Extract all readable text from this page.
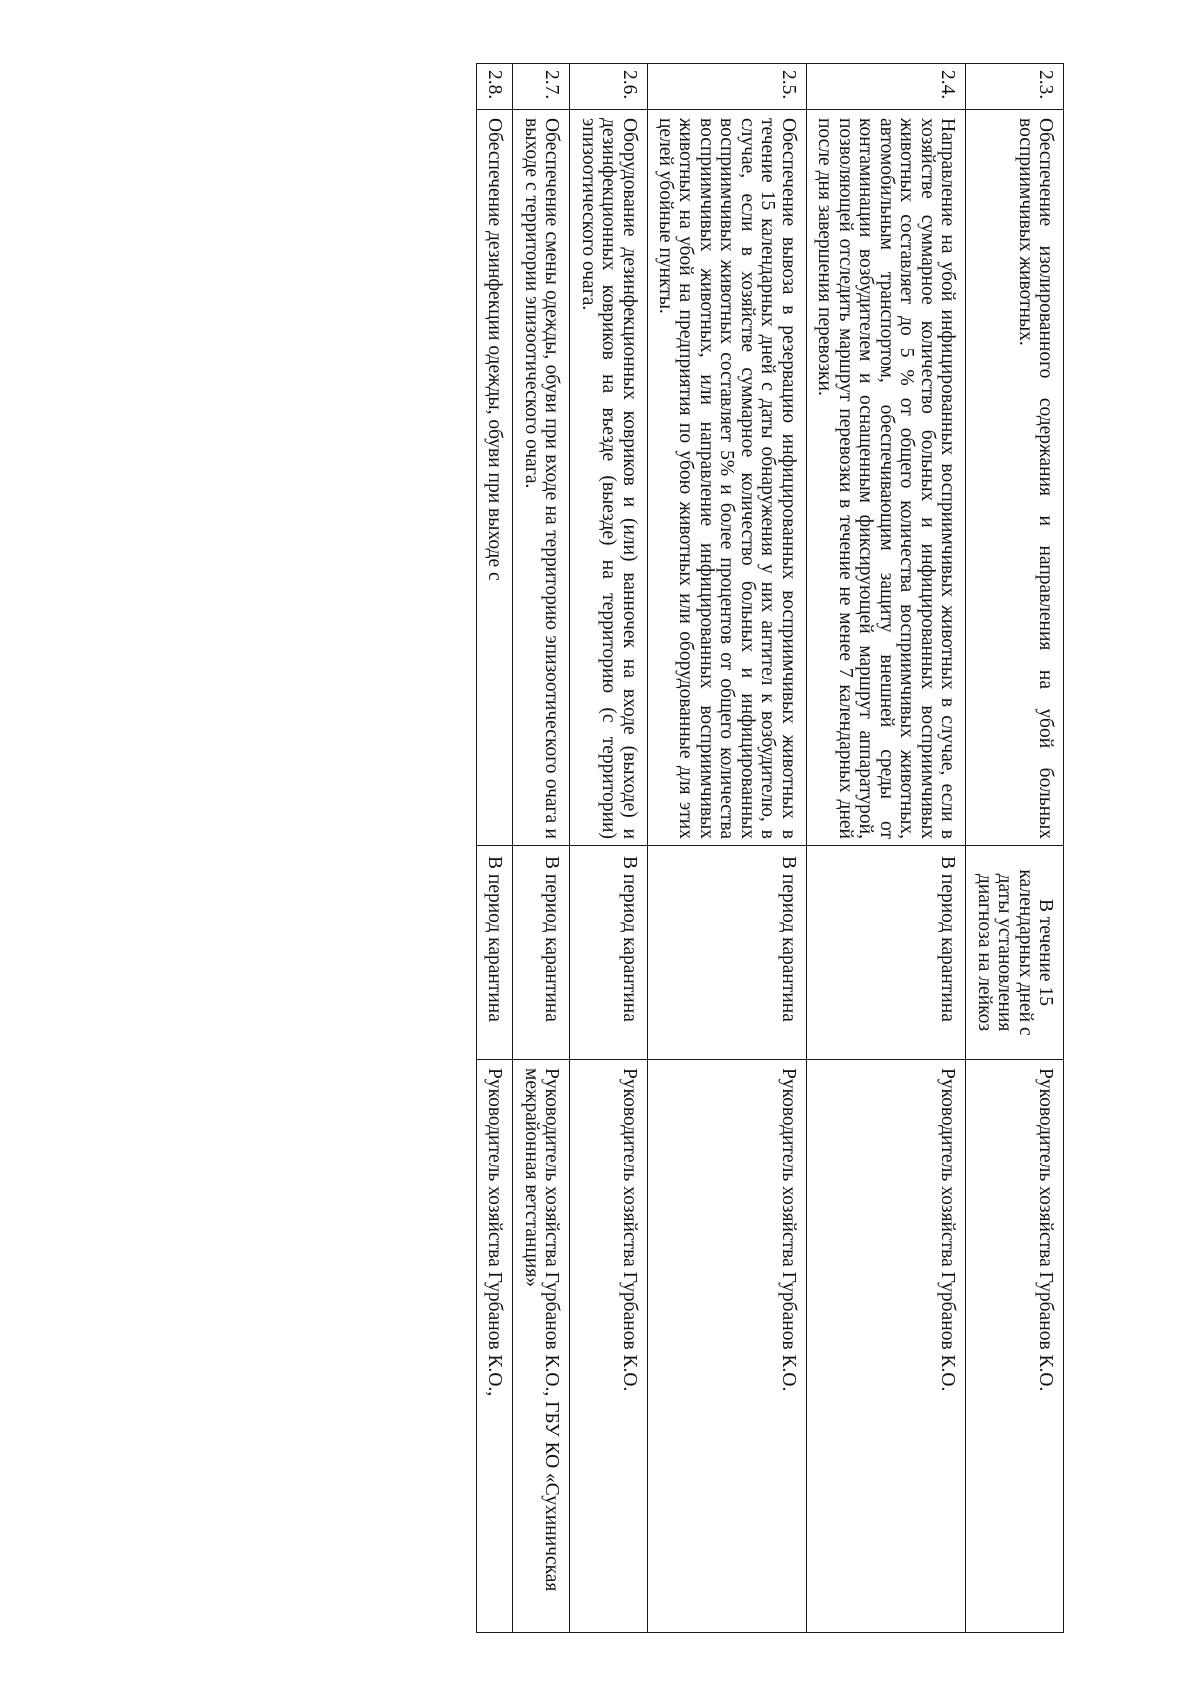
2.3.	Обеспечение изолированного содержания и направления на убой больных восприимчивых животных.	В течение 15 календарных дней с даты установления диагноза на лейкоз	Руководитель хозяйства Гурбанов К.О.
2.4.	Направление на убой инфицированных восприимчивых животных в случае, если в хозяйстве суммарное количество больных и инфицированных восприимчивых животных составляет до 5 % от общего количества восприимчивых животных, автомобильным транспортом, обеспечивающим защиту внешней среды от контаминации возбудителем и оснащенным фиксирующей маршрут аппаратурой, позволяющей отследить маршрут перевозки в течение не менее 7 календарных дней после дня завершения перевозки.	В период карантина	Руководитель хозяйства Гурбанов К.О.
2.5.	Обеспечение вывоза в резервацию инфицированных восприимчивых животных в течение 15 календарных дней с даты обнаружения у них антител к возбудителю, в случае, если в хозяйстве суммарное количество больных и инфицированных восприимчивых животных составляет 5% и более процентов от общего количества восприимчивых животных, или направление инфицированных восприимчивых животных на убой на предприятия по убою животных или оборудованные для этих целей убойные пункты.	В период карантина	Руководитель хозяйства Гурбанов К.О.
2.6.	Оборудование дезинфекционных ковриков и (или) ванночек на входе (выходе) и дезинфекционных ковриков на въезде (выезде) на территорию (с территории) эпизоотического очага.	В период карантина	Руководитель хозяйства Гурбанов К.О.
2.7.	Обеспечение смены одежды, обуви при входе на территорию эпизоотического очага и выходе с территории эпизоотического очага.	В период карантина	Руководитель хозяйства Гурбанов К.О., ГБУ КО «Сухиничская межрайонная ветстанция»
2.8.	Обеспечение дезинфекции одежды, обуви при выходе с	В период карантина	Руководитель хозяйства Гурбанов К.О.,
